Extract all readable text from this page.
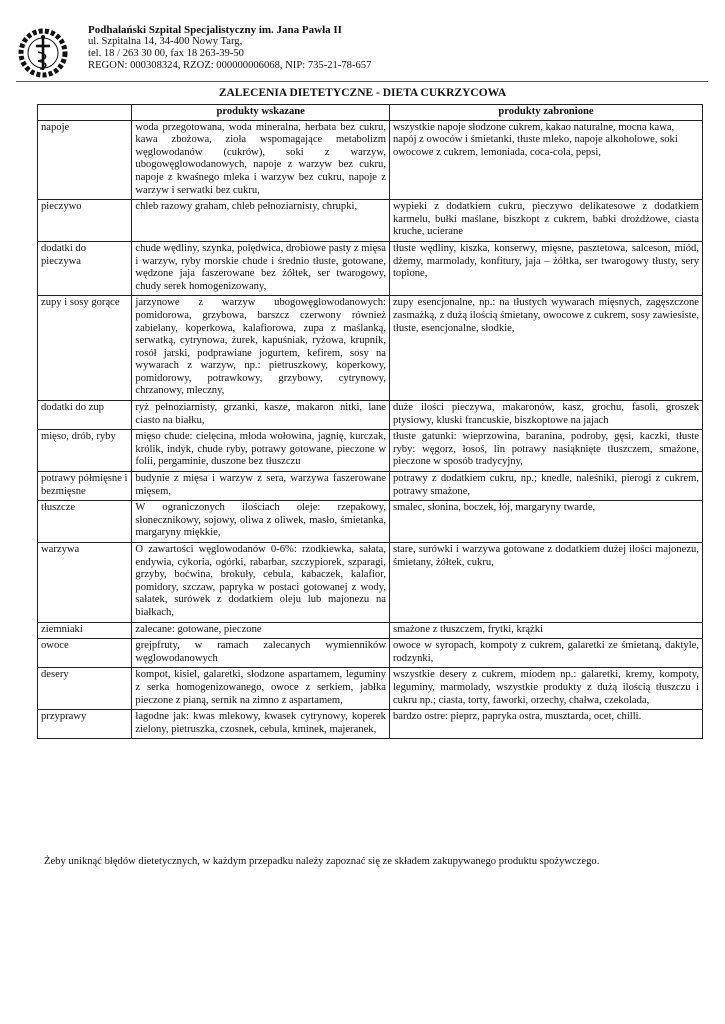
Podhalański Szpital Specjalistyczny im. Jana Pawła II
ul. Szpitalna 14, 34-400 Nowy Targ,
tel. 18 / 263 30 00, fax 18 263-39-50
REGON: 000308324, RZOZ: 000000006068, NIP: 735-21-78-657
ZALECENIA DIETETYCZNE - DIETA CUKRZYCOWA
	produkty wskazane	produkty zabronione
napoje	woda przegotowana, woda mineralna, herbata bez cukru, kawa zbożowa, zioła wspomagające metabolizm węglowodanów (cukrów), soki z warzyw, ubogowęglowodanowych, napoje z warzyw bez cukru, napoje z kwaśnego mleka i warzyw bez cukru, napoje z warzyw i serwatki bez cukru,	wszystkie napoje słodzone cukrem, kakao naturalne, mocna kawa, napój z owoców i śmietanki, tłuste mleko, napoje alkoholowe, soki owocowe z cukrem, lemoniada, coca-cola, pepsi,
pieczywo	chleb razowy graham, chleb pełnoziarnisty, chrupki,	wypieki z dodatkiem cukru, pieczywo delikatesowe z dodatkiem karmelu, bułki maślane, biszkopt z cukrem, babki drożdżowe, ciasta kruche, ucierane
dodatki do pieczywa	chude wędliny, szynka, polędwica, drobiowe pasty z mięsa i warzyw, ryby morskie chude i średnio tłuste, gotowane, wędzone jaja faszerowane bez żółtek, ser twarogowy, chudy serek homogenizowany,	tłuste wędliny, kiszka, konserwy, mięsne, pasztetowa, salceson, miód, dżemy, marmolady, konfitury, jaja – żółtka, ser twarogowy tłusty, sery topione,
zupy i sosy gorące	jarzynowe z warzyw ubogowęglowodanowych: pomidorowa, grzybowa, barszcz czerwony również zabielany, koperkowa, kalafiorowa, zupa z maślanką, serwatką, cytrynowa, żurek, kapuśniak, ryżowa, krupnik, rosół jarski, podprawiane jogurtem, kefirem, sosy na wywarach z warzyw, np.: pietruszkowy, koperkowy, pomidorowy, potrawkowy, grzybowy, cytrynowy, chrzanowy, mleczny,	zupy esencjonalne, np.: na tłustych wywarach mięsnych, zagęszczone zasmażką, z dużą ilością śmietany, owocowe z cukrem, sosy zawiesiste, tłuste, esencjonalne, słodkie,
dodatki do zup	ryż pełnoziarnisty, grzanki, kasze, makaron nitki, lane ciasto na białku,	duże ilości pieczywa, makaronów, kasz, grochu, fasoli, groszek ptysiowy, kluski francuskie, biszkoptowe na jajach
mięso, drób, ryby	mięso chude: cielęcina, młoda wołowina, jagnię, kurczak, królik, indyk, chude ryby, potrawy gotowane, pieczone w folii, pergaminie, duszone bez tłuszczu	tłuste gatunki: wieprzowina, baranina, podroby, gęsi, kaczki, tłuste ryby: węgorz, łosoś, lin potrawy nasiąknięte tłuszczem, smażone, pieczone w sposób tradycyjny,
potrawy półmięsne i bezmięsne	budynie z mięsa i warzyw z sera, warzywa faszerowane mięsem,	potrawy z dodatkiem cukru, np.; knedle, naleśniki, pierogi z cukrem, potrawy smażone,
tłuszcze	W ograniczonych ilościach oleje: rzepakowy, słonecznikowy, sojowy, oliwa z oliwek, masło, śmietanka, margaryny miękkie,	smalec, słonina, boczek, łój, margaryny twarde,
warzywa	O zawartości węglowodanów 0-6%: rzodkiewka, sałata, endywia, cykoria, ogórki, rabarbar, szczypiorek, szparagi, grzyby, boćwina, brokuły, cebula, kabaczek, kalafior, pomidory, szczaw, papryka w postaci gotowanej z wody, sałatek, surówek z dodatkiem oleju lub majonezu na białkach,	stare, surówki i warzywa gotowane z dodatkiem dużej ilości majonezu, śmietany, żółtek, cukru,
ziemniaki	zalecane: gotowane, pieczone	smażone z tłuszczem, frytki, krążki
owoce	grejpfruty, w ramach zalecanych wymienników węglowodanowych	owoce w syropach, kompoty z cukrem, galaretki ze śmietaną, daktyle, rodzynki,
desery	kompot, kisiel, galaretki, słodzone aspartamem, leguminy z serka homogenizowanego, owoce z serkiem, jabłka pieczone z pianą, sernik na zimno z aspartamem,	wszystkie desery z cukrem, miodem np.: galaretki, kremy, kompoty, leguminy, marmolady, wszystkie produkty z dużą ilością tłuszczu i cukru np.; ciasta, torty, faworki, orzechy, chałwa, czekolada,
przyprawy	łagodne jak: kwas mlekowy, kwasek cytrynowy, koperek zielony, pietruszka, czosnek, cebula, kminek, majeranek,	bardzo ostre: pieprz, papryka ostra, musztarda, ocet, chilli.
Żeby uniknąć błędów dietetycznych, w każdym przepadku należy zapoznać się ze składem zakupywanego produktu spożywczego.
